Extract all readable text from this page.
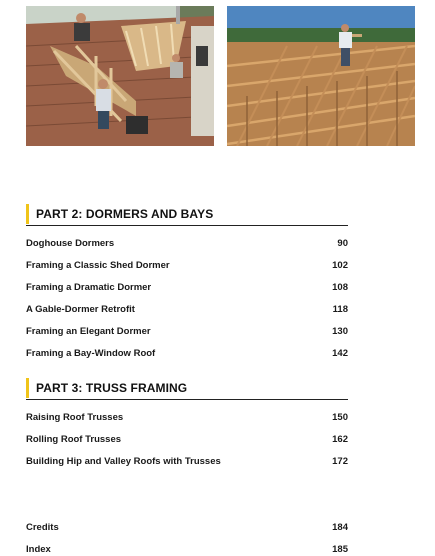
PART 2: DORMERS AND BAYS
Doghouse Dormers	90
Framing a Classic Shed Dormer	102
Framing a Dramatic Dormer	108
A Gable-Dormer Retrofit	118
Framing an Elegant Dormer	130
Framing a Bay-Window Roof	142
PART 3: TRUSS FRAMING
Raising Roof Trusses	150
Rolling Roof Trusses	162
Building Hip and Valley Roofs with Trusses	172
Credits	184
Index	185
